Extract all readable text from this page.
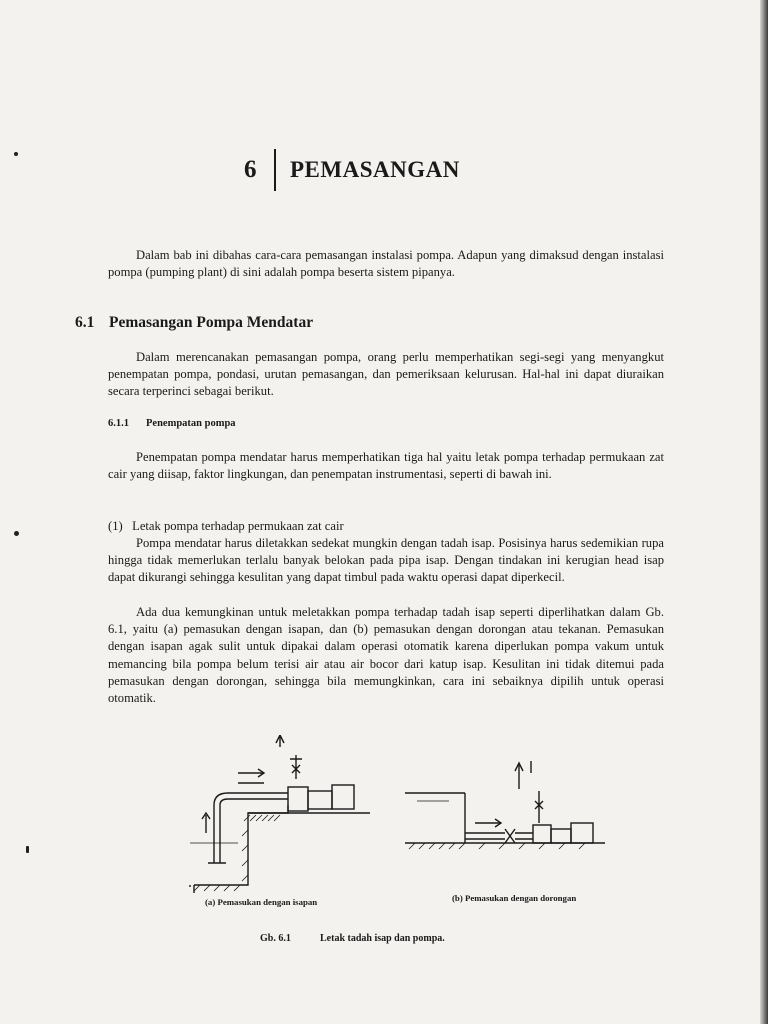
6	PEMASANGAN
Dalam bab ini dibahas cara-cara pemasangan instalasi pompa. Adapun yang dimaksud dengan instalasi pompa (pumping plant) di sini adalah pompa beserta sistem pipanya.
6.1 Pemasangan Pompa Mendatar
Dalam merencanakan pemasangan pompa, orang perlu memperhatikan segi-segi yang menyangkut penempatan pompa, pondasi, urutan pemasangan, dan pemeriksaan kelurusan. Hal-hal ini dapat diuraikan secara terperinci sebagai berikut.
6.1.1 Penempatan pompa
Penempatan pompa mendatar harus memperhatikan tiga hal yaitu letak pompa terhadap permukaan zat cair yang diisap, faktor lingkungan, dan penempatan instrumentasi, seperti di bawah ini.
(1)   Letak pompa terhadap permukaan zat cair
Pompa mendatar harus diletakkan sedekat mungkin dengan tadah isap. Posisinya harus sedemikian rupa hingga tidak memerlukan terlalu banyak belokan pada pipa isap. Dengan tindakan ini kerugian head isap dapat dikurangi sehingga kesulitan yang dapat timbul pada waktu operasi dapat diperkecil.
Ada dua kemungkinan untuk meletakkan pompa terhadap tadah isap seperti diperlihatkan dalam Gb. 6.1, yaitu (a) pemasukan dengan isapan, dan (b) pemasukan dengan dorongan atau tekanan. Pemasukan dengan isapan agak sulit untuk dipakai dalam operasi otomatik karena diperlukan pompa vakum untuk memancing bila pompa belum terisi air atau air bocor dari katup isap. Kesulitan ini tidak ditemui pada pemasukan dengan dorongan, sehingga bila memungkinkan, cara ini sebaiknya dipilih untuk operasi otomatik.
(a) Pemasukan dengan isapan	(b) Pemasukan dengan dorongan
Gb. 6.1	Letak tadah isap dan pompa.
